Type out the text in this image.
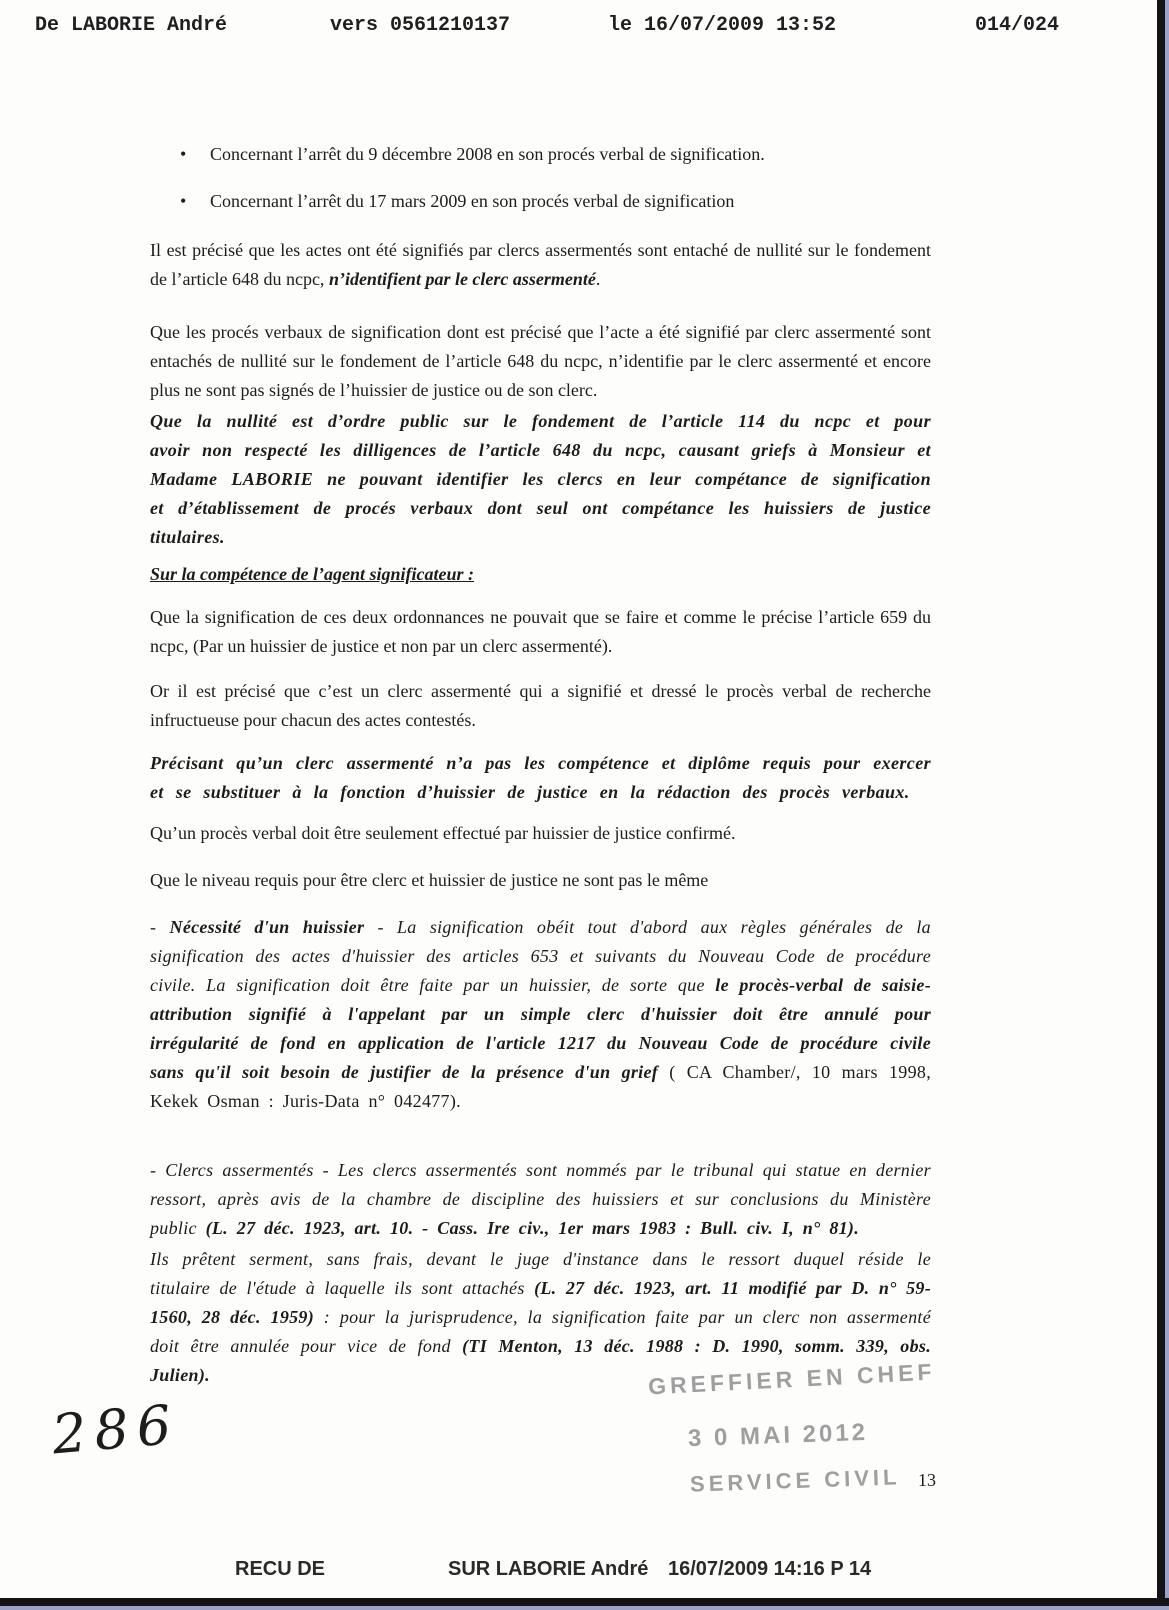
De LABORIE André	vers 0561210137	le 16/07/2009 13:52	014/024
•	Concernant l’arrêt du 9 décembre 2008 en son procés verbal de signification.
•	Concernant l’arrêt du 17 mars 2009 en son procés verbal de signification

Il est précisé que les actes ont été signifiés par clercs assermentés sont entaché de nullité sur le fondement de l’article 648 du ncpc, n’identifient par le clerc assermenté.

Que les procés verbaux de signification dont est précisé que l’acte a été signifié par clerc assermenté sont entachés de nullité sur le fondement de l’article 648 du ncpc, n’identifie par le clerc assermenté et encore plus ne sont pas signés de l’huissier de justice ou de son clerc.

Que la nullité est d’ordre public sur le fondement de l’article 114 du ncpc et pour avoir non respecté les dilligences de l’article 648 du ncpc, causant griefs à Monsieur et Madame LABORIE ne pouvant identifier les clercs en leur compétance de signification et d’établissement de procés verbaux dont seul ont compétance les huissiers de justice titulaires.

Sur la compétence de l’agent significateur :

Que la signification de ces deux ordonnances ne pouvait que se faire et comme le précise l’article 659 du ncpc, (Par un huissier de justice et non par un clerc assermenté).

Or il est précisé que c’est un clerc assermenté qui a signifié et dressé le procès verbal de recherche infructueuse pour chacun des actes contestés.

Précisant qu’un clerc assermenté n’a pas les compétence et diplôme requis pour exercer et se substituer à la fonction d’huissier de justice en la rédaction des procès verbaux.

Qu’un procès verbal doit être seulement effectué par huissier de justice confirmé.

Que le niveau requis pour être clerc et huissier de justice ne sont pas le même

- Nécessité d'un huissier - La signification obéit tout d'abord aux règles générales de la signification des actes d'huissier des articles 653 et suivants du Nouveau Code de procédure civile. La signification doit être faite par un huissier, de sorte que le procès-verbal de saisie-attribution signifié à l'appelant par un simple clerc d'huissier doit être annulé pour irrégularité de fond en application de l'article 1217 du Nouveau Code de procédure civile sans qu'il soit besoin de justifier de la présence d'un grief ( CA Chamber/, 10 mars 1998, Kekek Osman : Juris-Data n° 042477).

- Clercs assermentés - Les clercs assermentés sont nommés par le tribunal qui statue en dernier ressort, après avis de la chambre de discipline des huissiers et sur conclusions du Ministère public (L. 27 déc. 1923, art. 10. - Cass. Ire civ., 1er mars 1983 : Bull. civ. I, n° 81).

Ils prêtent serment, sans frais, devant le juge d'instance dans le ressort duquel réside le titulaire de l'étude à laquelle ils sont attachés (L. 27 déc. 1923, art. 11 modifié par D. n° 59-1560, 28 déc. 1959) : pour la jurisprudence, la signification faite par un clerc non assermenté doit être annulée pour vice de fond (TI Menton, 13 déc. 1988 : D. 1990, somm. 339, obs. Julien).	GREFFIER EN CHEF
3 0 MAI 2012
SERVICE CIVIL 13
286
RECU DE	SUR LABORIE André 16/07/2009 14:16 P 14
